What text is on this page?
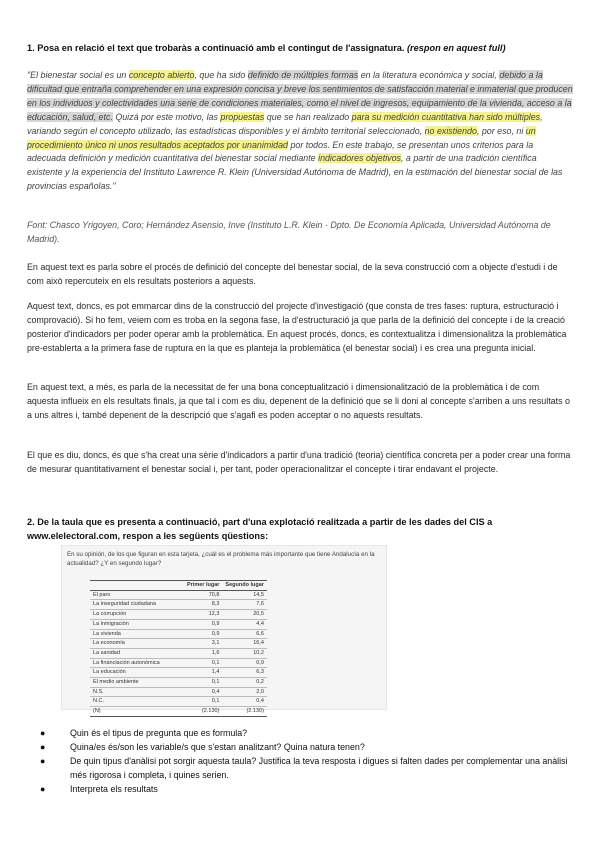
1. Posa en relació el text que trobaràs a continuació amb el contingut de l'assignatura. (respon en aquest full)
"El bienestar social es un concepto abierto, que ha sido definido de múltiples formas en la literatura económica y social, debido a la dificultad que entraña comprehender en una expresión concisa y breve los sentimientos de satisfacción material e inmaterial que producen en los individuos y colectividades una serie de condiciones materiales, como el nivel de ingresos, equipamiento de la vivienda, acceso a la educación, salud, etc. Quizá por este motivo, las propuestas que se han realizado para su medición cuantitativa han sido múltiples, variando según el concepto utilizado, las estadísticas disponibles y el ámbito territorial seleccionado, no existiendo, por eso, ni un procedimiento único ni unos resultados aceptados por unanimidad por todos. En este trabajo, se presentan unos criterios para la adecuada definición y medición cuantitativa del bienestar social mediante indicadores objetivos, a partir de una tradición científica existente y la experiencia del Instituto Lawrence R. Klein (Universidad Autónoma de Madrid), en la estimación del bienestar social de las provincias españolas."
Font: Chasco Yrigoyen, Coro; Hernández Asensio, Inve (Instituto L.R. Klein · Dpto. De Economía Aplicada, Universidad Autónoma de Madrid).
En aquest text es parla sobre el procés de definició del concepte del benestar social, de la seva construcció com a objecte d'estudi i de com això repercuteix en els resultats posteriors a aquests.
Aquest text, doncs, es pot emmarcar dins de la construcció del projecte d'investigació (que consta de tres fases: ruptura, estructuració i comprovació). Si ho fem, veiem com es troba en la segona fase, la d'estructuració ja que parla de la definició del concepte i de la creació posterior d'indicadors per poder operar amb la problemàtica. En aquest procés, doncs, es contextualitza i dimensionalitza la problemàtica pre-establerta a la primera fase de ruptura en la que es planteja la problemàtica (el benestar social) i es crea una pregunta inicial.
En aquest text, a més, es parla de la necessitat de fer una bona conceptualització i dimensionalització de la problemàtica i de com aquesta influeix en els resultats finals, ja que tal i com es diu, depenent de la definició que se li doni al concepte s'arriben a uns resultats o a uns altres i, també depenent de la descripció que s'agafi es poden acceptar o no aquests resultats.
El que es diu, doncs, és que s'ha creat una sèrie d'indicadors a partir d'una tradició (teoria) científica concreta per a poder crear una forma de mesurar quantitativament el benestar social i, per tant, poder operacionalitzar el concepte i tirar endavant el projecte.
2. De la taula que es presenta a continuació, part d'una explotació realitzada a partir de les dades del CIS a www.elelectoral.com, respon a les següents qüestions:
En su opinión, de los que figuran en esta tarjeta, ¿cuál es el problema más importante que tiene Andalucía en la actualidad? ¿Y en segundo lugar?
	Primer lugar	Segundo lugar
El paro	70,8	14,5
La inseguridad ciudadana	8,3	7,6
La corrupción	12,3	20,5
La inmigración	0,9	4,4
La vivienda	0,9	6,6
La economía	3,1	16,4
La sanidad	1,6	10,2
La financiación autonómica	0,1	0,9
La educación	1,4	6,3
El medio ambiente	0,1	0,2
N.S.	0,4	2,0
N.C.	0,1	0,4
(N)	(2.130)	(2.130)
●	Quin és el tipus de pregunta que es formula?
●	Quina/es és/son les variable/s que s'estan analitzant? Quina natura tenen?
●	De quin tipus d'anàlisi pot sorgir aquesta taula? Justifica la teva resposta i digues si falten dades per complementar una anàlisi més rigorosa i completa, i quines serien.
●	Interpreta els resultats
